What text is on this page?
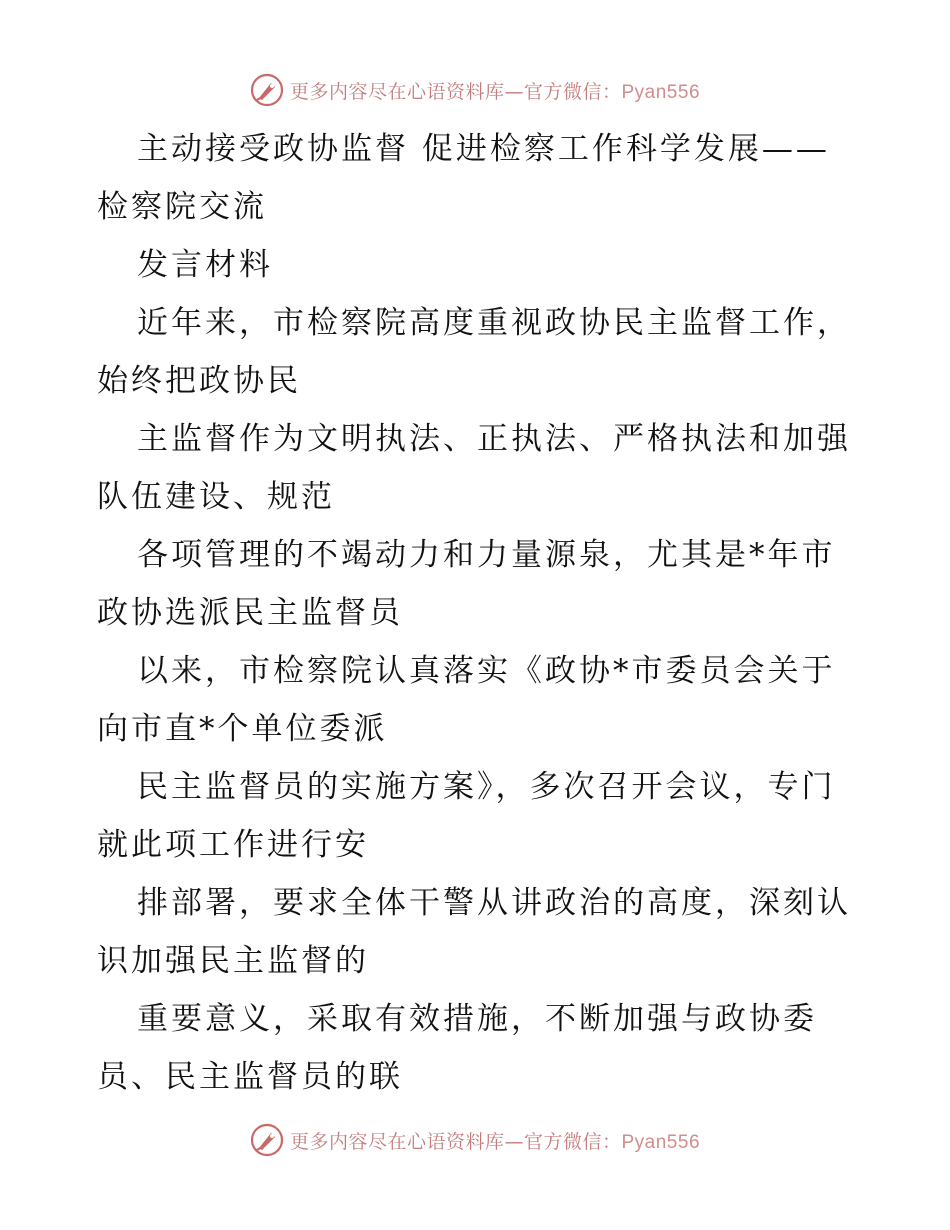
更多内容尽在心语资料库—官方微信：Pyan556

主动接受政协监督 促进检察工作科学发展——
检察院交流

发言材料

近年来，市检察院高度重视政协民主监督工作，
始终把政协民

主监督作为文明执法、正执法、严格执法和加强
队伍建设、规范

各项管理的不竭动力和力量源泉，尤其是*年市
政协选派民主监督员

以来，市检察院认真落实《政协*市委员会关于
向市直*个单位委派

民主监督员的实施方案》，多次召开会议，专门
就此项工作进行安

排部署，要求全体干警从讲政治的高度，深刻认
识加强民主监督的

重要意义，采取有效措施，不断加强与政协委
员、民主监督员的联

更多内容尽在心语资料库—官方微信：Pyan556
